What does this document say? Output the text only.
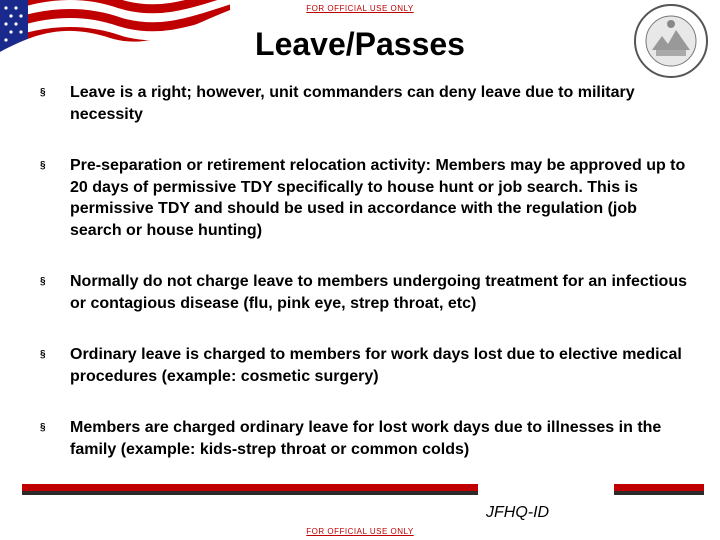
FOR OFFICIAL USE ONLY
Leave/Passes
§ Leave is a right; however, unit commanders can deny leave due to military necessity
§ Pre-separation or retirement relocation activity: Members may be approved up to 20 days of permissive TDY specifically to house hunt or job search. This is permissive TDY and should be used in accordance with the regulation (job search or house hunting)
§ Normally do not charge leave to members undergoing treatment for an infectious or contagious disease (flu, pink eye, strep throat, etc)
§ Ordinary leave is charged to members for work days lost due to elective medical procedures (example: cosmetic surgery)
§ Members are charged ordinary leave for lost work days due to illnesses in the family (example: kids-strep throat or common colds)
JFHQ-ID
FOR OFFICIAL USE ONLY
